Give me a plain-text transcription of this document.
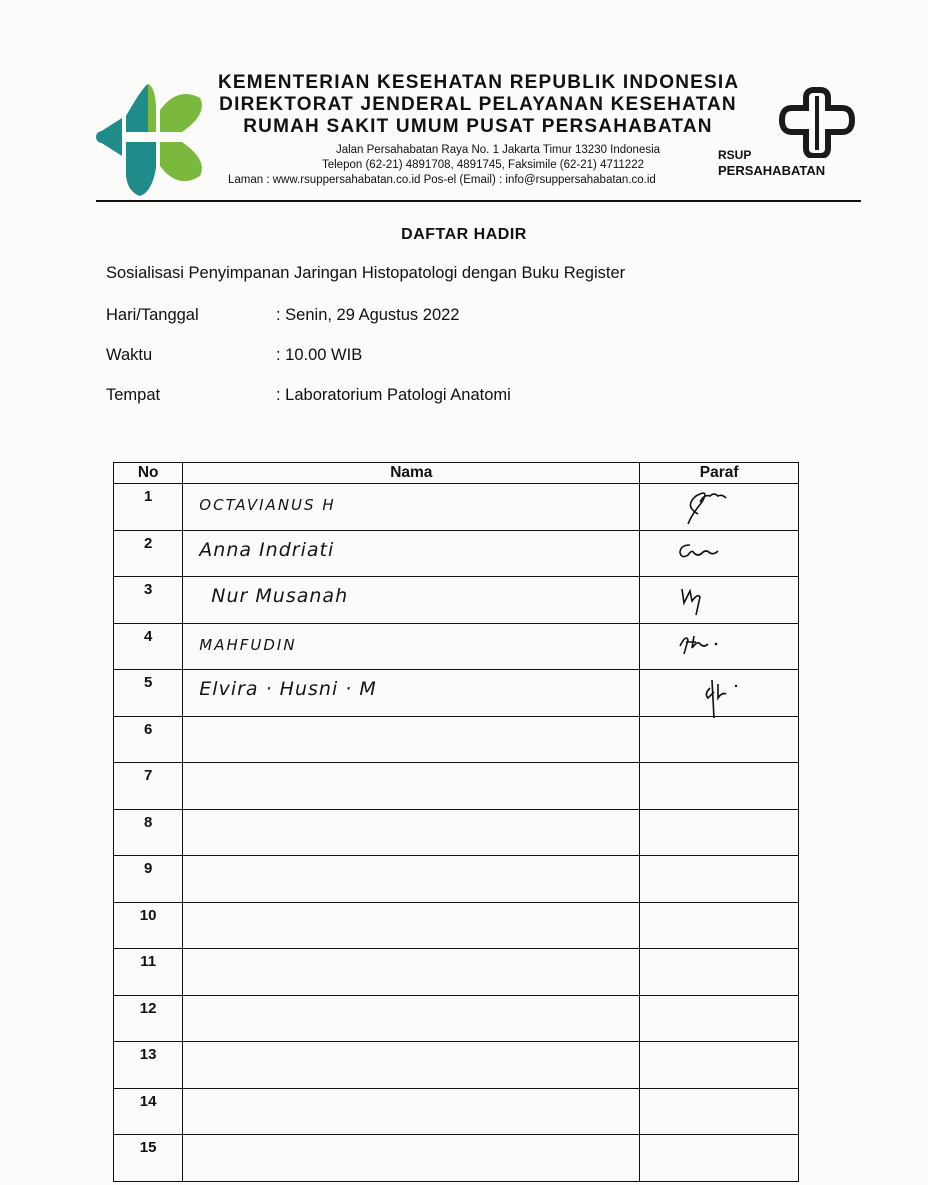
KEMENTERIAN KESEHATAN REPUBLIK INDONESIA
DIREKTORAT JENDERAL PELAYANAN KESEHATAN
RUMAH SAKIT UMUM PUSAT PERSAHABATAN
Jalan Persahabatan Raya No. 1 Jakarta Timur 13230 Indonesia
Telepon (62-21) 4891708, 4891745, Faksimile (62-21) 4711222
Laman : www.rsuppersahabatan.co.id Pos-el (Email) : info@rsuppersahabatan.co.id
RSUP
PERSAHABATAN
DAFTAR HADIR
Sosialisasi Penyimpanan Jaringan Histopatologi dengan Buku Register
Hari/Tanggal	: Senin, 29 Agustus 2022
Waktu	: 10.00 WIB
Tempat	: Laboratorium Patologi Anatomi
No	Nama	Paraf
1	OCTAVIANUS H

2	Anna Indriati

3	Nur Musanah

4	MAHFUDIN

5	Elvira · Husni · M

6		
7		
8		
9		
10		
11		
12		
13		
14		
15		
